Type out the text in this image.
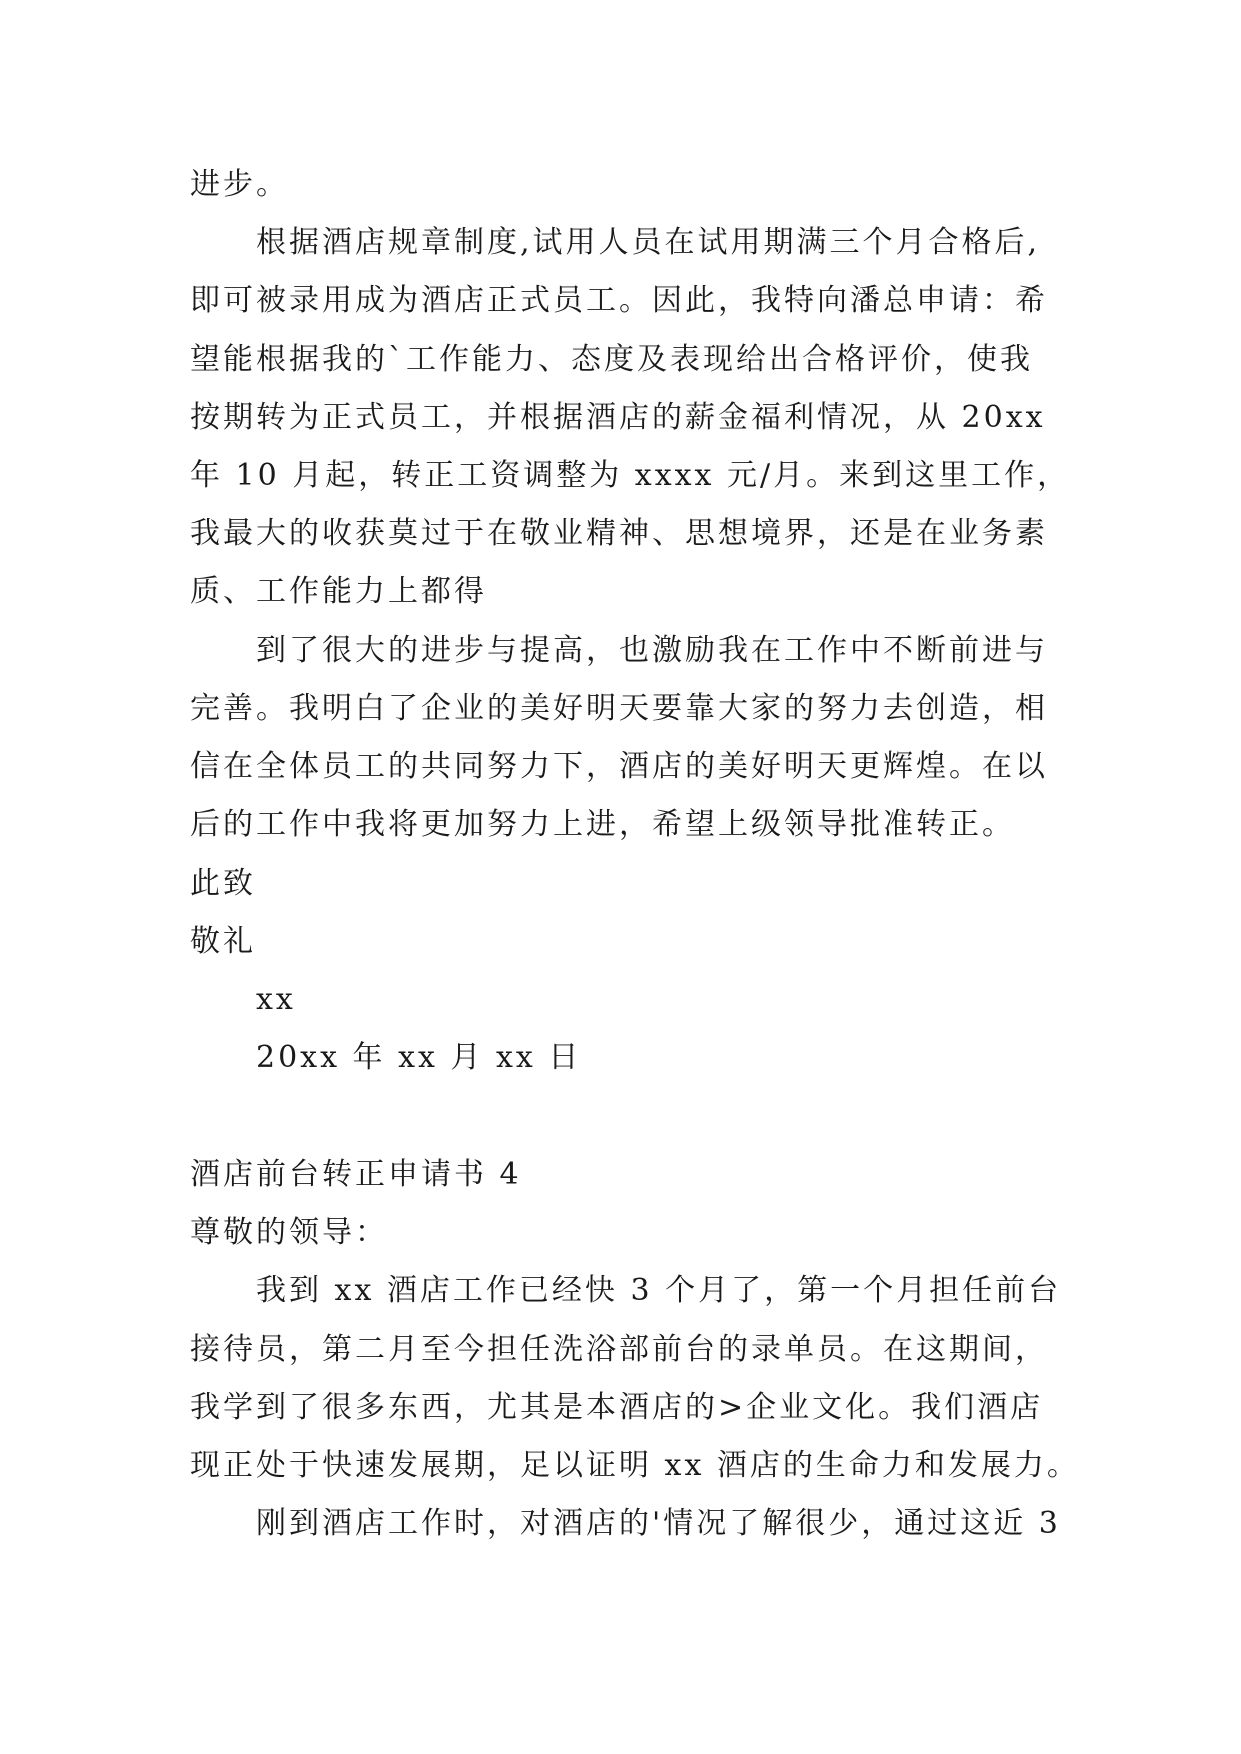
进步。
根据酒店规章制度,试用人员在试用期满三个月合格后,
即可被录用成为酒店正式员工。因此，我特向潘总申请：希
望能根据我的`工作能力、态度及表现给出合格评价，使我
按期转为正式员工，并根据酒店的薪金福利情况，从 20xx
年 10 月起，转正工资调整为 xxxx 元/月。来到这里工作，
我最大的收获莫过于在敬业精神、思想境界，还是在业务素
质、工作能力上都得
到了很大的进步与提高，也激励我在工作中不断前进与
完善。我明白了企业的美好明天要靠大家的努力去创造，相
信在全体员工的共同努力下，酒店的美好明天更辉煌。在以
后的工作中我将更加努力上进，希望上级领导批准转正。
此致
敬礼
xx
20xx 年 xx 月 xx 日
酒店前台转正申请书 4
尊敬的领导：
我到 xx 酒店工作已经快 3 个月了，第一个月担任前台
接待员，第二月至今担任洗浴部前台的录单员。在这期间，
我学到了很多东西，尤其是本酒店的>企业文化。我们酒店
现正处于快速发展期，足以证明 xx 酒店的生命力和发展力。
刚到酒店工作时，对酒店的'情况了解很少，通过这近 3
